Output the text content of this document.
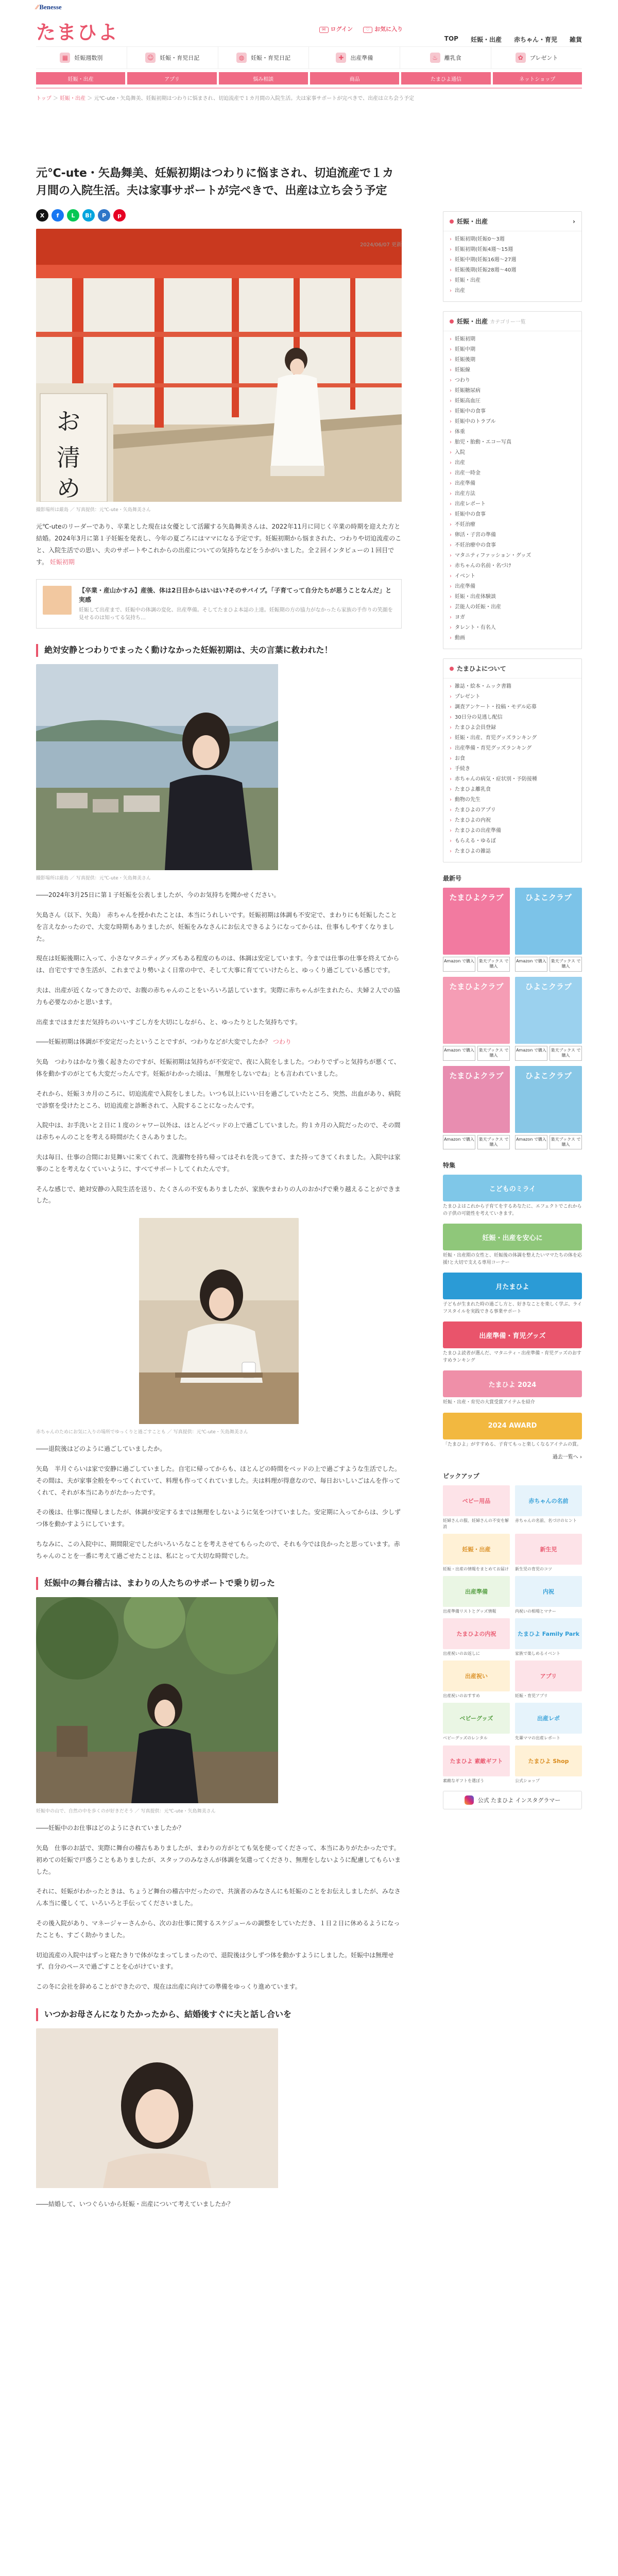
⁄⁄ Benesse
たまひよ	✉ ログイン	♡ お気に入り
TOP 妊娠・出産 赤ちゃん・育児 雑貨
▦	妊娠週数別	☺	妊娠・育児日記	◍	妊娠・育児日記	✚	出産準備	♨	離乳食	✿	プレゼント
妊娠・出産	アプリ	悩み相談	商品	たまひよ通信	ネットショップ
トップ ＞ 妊娠・出産 ＞ 元℃-ute・矢島舞美、妊娠初期はつわりに悩まされ、切迫流産で１カ月間の入院生活。夫は家事サポートが完ぺきで、出産は立ち会う予定
元℃-ute・矢島舞美、妊娠初期はつわりに悩まされ、切迫流産で１カ月間の入院生活。夫は家事サポートが完ぺきで、出産は立ち会う予定
X	f	L	B!	P	p
2024/06/07 更新
お
清
め
撮影場所は厳島 ／ 写真提供：元℃-ute・矢島舞美さん

元℃-uteのリーダーであり、卒業とした現在は女優として活躍する矢島舞美さんは、2022年11月に同じく卒業の時期を迎えた方と結婚。2024年3月に第１子妊娠を発表し、今年の夏ごろにはママになる予定です。妊娠初期から悩まされた、つわりや切迫流産のこと、入院生活での思い、夫のサポートやこれからの出産についての気持ちなどをうかがいました。全２回インタビューの１回目です。 妊娠初期

【卒業・産山かすみ】産後、体は2日目からはいはい?そのサバイブ。「子育てって自分たちが思うことなんだ」と実感
妊娠して出産まで、妊娠中の体調の変化、出産準備。そしてたまひよ本誌の上達。妊娠期の方の協力がなかったら家族の手作りの笑顔を見せるのは知ってる気持ち…
絶対安静とつわりでまったく動けなかった妊娠初期は、夫の言葉に救われた！
撮影場所は厳島 ／ 写真提供：元℃-ute・矢島舞美さん

――2024年3月25日に第１子妊娠を公表しましたが、今のお気持ちを聞かせください。

矢島さん（以下、矢島）　赤ちゃんを授かれたことは、本当にうれしいです。妊娠初期は体調も不安定で、まわりにも妊娠したことを言えなかったので、大変な時期もありましたが、妊娠をみなさんにお伝えできるようになってからは、仕事もしやすくなりました。

現在は妊娠後期に入って、小さなマタニティグッズもある程度のものは、体調は安定しています。今までは仕事の仕事を終えてからは、自宅ですでき生活が、これまでより勢いよく日常の中で、そして大事に育てていけたらと、ゆっくり過ごしている感じです。

夫は、出産が近くなってきたので、お腹の赤ちゃんのことをいろいろ話しています。実際に赤ちゃんが生まれたら、夫婦２人での協力も必要なのかと思います。

出産まではまだまだ気持ちのいいすごし方を大切にしながら、と、ゆったりとした気持ちです。

――妊娠初期は体調が不安定だったということですが、つわりなどが大変でしたか？ つわり

矢島　つわりはかなり強く起きたのですが、妊娠初期は気持ちが不安定で、夜に入院をしました。つわりでずっと気持ちが悪くて、体を動かすのがとても大変だったんです。妊娠がわかった頃は、「無理をしないでね」とも言われていました。

それから、妊娠３カ月のころに、切迫流産で入院をしました。いつも以上にいい日を過ごしていたところ、突然、出血があり、病院で診察を受けたところ、切迫流産と診断されて、入院することになったんです。

入院中は、お手洗いと２日に１度のシャワー以外は、ほとんどベッドの上で過ごしていました。約１カ月の入院だったので、その間は赤ちゃんのことを考える時間がたくさんありました。

夫は毎日、仕事の合間にお見舞いに来てくれて、洗濯物を持ち帰ってはそれを洗ってきて、また持ってきてくれました。入院中は家事のことを考えなくていいように、すべてサポートしてくれたんです。

そんな感じで、絶対安静の入院生活を送り、たくさんの不安もありましたが、家族やまわりの人のおかげで乗り越えることができました。

赤ちゃんのためにお気に入りの場所でゆっくりと過ごすことも ／ 写真提供：元℃-ute・矢島舞美さん

――退院後はどのように過ごしていましたか。

矢島　半月ぐらいは家で安静に過ごしていました。自宅に帰ってからも、ほとんどの時間をベッドの上で過ごすような生活でした。その間は、夫が家事全般をやってくれていて、料理も作ってくれていました。夫は料理が得意なので、毎日おいしいごはんを作ってくれて、それが本当にありがたかったです。

その後は、仕事に復帰しましたが、体調が安定するまでは無理をしないように気をつけていました。安定期に入ってからは、少しずつ体を動かすようにしています。

ちなみに、この入院中に、期間限定でしたがいろいろなことを考えさせてもらったので、それも今では良かったと思っています。赤ちゃんのことを一番に考えて過ごせたことは、私にとって大切な時間でした。

妊娠中の舞台稽古は、まわりの人たちのサポートで乗り切った
妊娠中の山で、自然の中を歩くのが好きだそう ／ 写真提供：元℃-ute・矢島舞美さん

――妊娠中のお仕事はどのようにされていましたか？

矢島　仕事のお話で、実際に舞台の稽古もありましたが、まわりの方がとても気を使ってくださって、本当にありがたかったです。初めての妊娠で戸惑うこともありましたが、スタッフのみなさんが体調を気遣ってくださり、無理をしないように配慮してもらいました。

それに、妊娠がわかったときは、ちょうど舞台の稽古中だったので、共演者のみなさんにも妊娠のことをお伝えしましたが、みなさん本当に優しくて、いろいろと手伝ってくださいました。

その後入院があり、マネージャーさんから、次のお仕事に関するスケジュールの調整をしていただき、１日２日に休めるようになったことも、すごく助かりました。

切迫流産の入院中はずっと寝たきりで体がなまってしまったので、退院後は少しずつ体を動かすようにしました。妊娠中は無理せず、自分のペースで過ごすことを心がけています。

この冬に会社を辞めることができたので、現在は出産に向けての準備をゆっくり進めています。

いつかお母さんになりたかったから、結婚後すぐに夫と話し合いを

――結婚して、いつぐらいから妊娠・出産について考えていましたか？

妊娠・出産	›
› 妊娠初期(妊娠0～3週
› 妊娠初期(妊娠4週～15週
› 妊娠中期(妊娠16週～27週
› 妊娠後期(妊娠28週～40週
› 妊娠・出産
› 出産
妊娠・出産 カテゴリー一覧
› 妊娠初期
› 妊娠中期
› 妊娠後期
› 妊娠線
› つわり
› 妊娠糖尿病
› 妊娠高血圧
› 妊娠中の食事
› 妊娠中のトラブル
› 体重
› 胎児・胎動・エコー写真
› 入院
› 出産
› 出産一時金
› 出産準備
› 出産方法
› 出産レポート
› 妊娠中の食事
› 不妊治療
› 卵活・子宮の準備
› 不妊治療中の食事
› マタニティファッション・グッズ
› 赤ちゃんの名前・名づけ
› イベント
› 出産準備
› 妊娠・出産体験談
› 芸能人の妊娠・出産
› ヨガ
› タレント・有名人
› 動画
たまひよについて
› 雑誌・絵本・ムック書籍
› プレゼント
› 調査アンケート・投稿・モデル応募
› 30日分の見逃し配信
› たまひよ会員登録
› 妊娠・出産、育児グッズランキング
› 出産準備・育児グッズランキング
› お食
› 手続き
› 赤ちゃんの病気・症状別・予防接種
› たまひよ離乳食
› 動物の先生
› たまひよのアプリ
› たまひよの内祝
› たまひよの出産準備
› もらえる・ゆるぼ
› たまひよの雑誌
最新号
たまひよクラブ
Amazon で購入	楽天ブックス で購入
ひよこクラブ
Amazon で購入	楽天ブックス で購入
たまひよクラブ
Amazon で購入	楽天ブックス で購入
ひよこクラブ
Amazon で購入	楽天ブックス で購入
たまひよクラブ
Amazon で購入	楽天ブックス で購入
ひよこクラブ
Amazon で購入	楽天ブックス で購入
特集
こどものミライ
たまひよはこれから子育てをするあなたに、エフェクトでこれからの子供の可能性を考えていきます。
妊娠・出産を安心に
妊娠・出産期の女性と、妊娠後の体調を整えたいママたちの体を応援!と大切で支える専用コーナー
月たまひよ
子どもが生まれた時の過ごし方と、好きなことを楽しく学ぶ、ライフスタイルを実践できる事業サポート
出産準備・育児グッズ
たまひよ読者が選んだ、マタニティ・出産準備・育児グッズのおすすめランキング
たまひよ 2024
妊娠・出産・育児の大賞受賞アイテムを紹介
2024 AWARD
「たまひよ」がすすめる、子育てもっと楽しくなるアイテムの賞。
過去一覧へ ›
ピックアップ
ベビー用品
妊婦さんの服、妊婦さんの不安を解消
赤ちゃんの名前
赤ちゃんの名前、名づけのヒント
妊娠・出産
妊娠・出産の情報をまとめてお届け
新生児
新生児の育児のコツ
出産準備
出産準備リストとグッズ情報
内祝
内祝いの相場とマナー
たまひよの内祝
出産祝いのお返しに
たまひよ Family Park
家族で楽しめるイベント
出産祝い
出産祝いのおすすめ
アプリ
妊娠・育児アプリ
ベビーグッズ
ベビーグッズのレンタル
出産レポ
先輩ママの出産レポート
たまひよ 素敵ギフト
素敵なギフトを選ぼう
たまひよ Shop
公式ショップ
公式 たまひよ インスタグラマー
